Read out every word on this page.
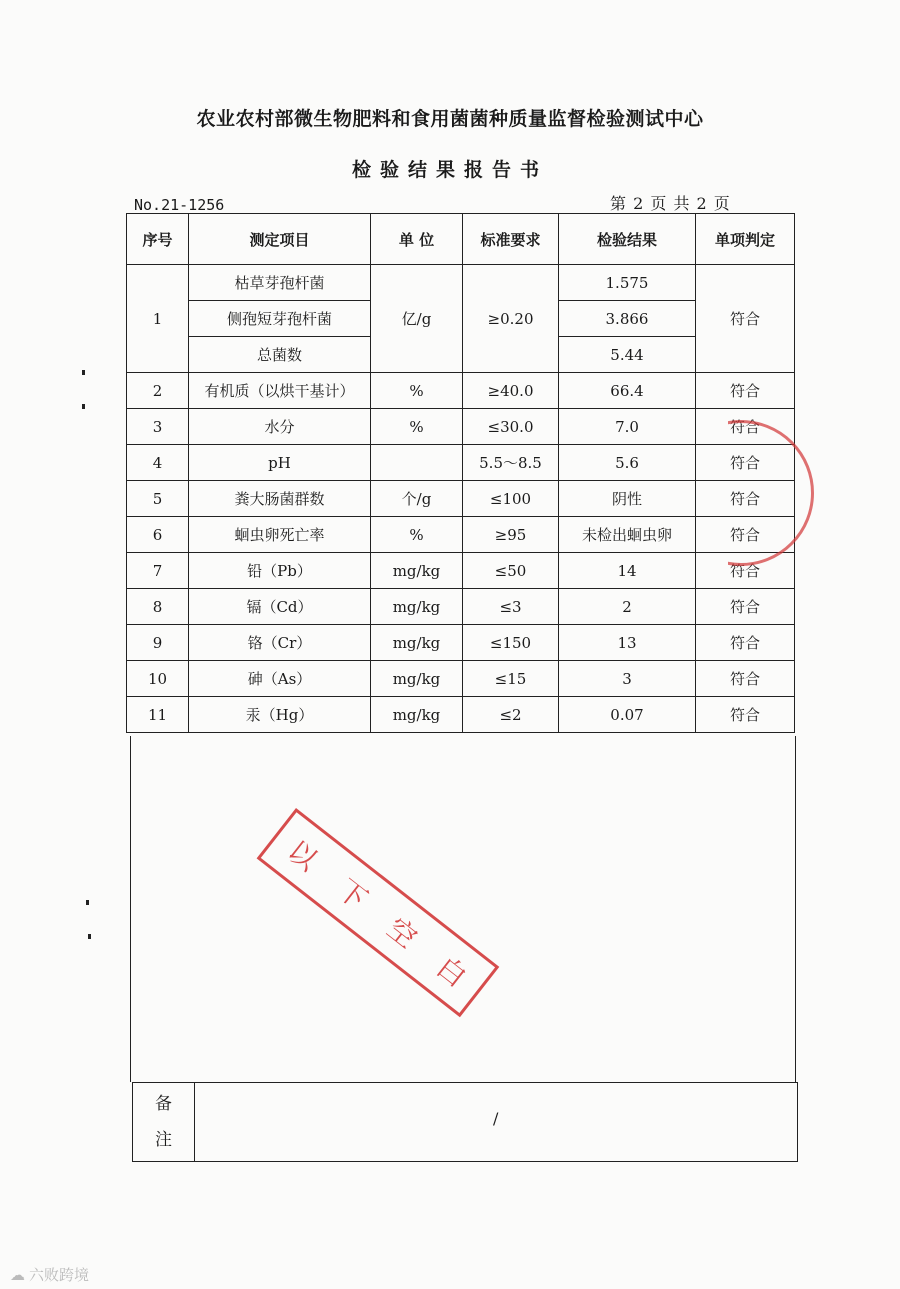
农业农村部微生物肥料和食用菌菌种质量监督检验测试中心
检验结果报告书
No.21-1256	第 2 页 共 2 页
序号	测定项目	单 位	标准要求	检验结果	单项判定
1	枯草芽孢杆菌	亿/g	≥0.20	1.575	符合
	侧孢短芽孢杆菌			3.866	
	总菌数			5.44	
2	有机质（以烘干基计）	%	≥40.0	66.4	符合
3	水分	%	≤30.0	7.0	符合
4	pH		5.5～8.5	5.6	符合
5	粪大肠菌群数	个/g	≤100	阴性	符合
6	蛔虫卵死亡率	%	≥95	未检出蛔虫卵	符合
7	铅（Pb）	mg/kg	≤50	14	符合
8	镉（Cd）	mg/kg	≤3	2	符合
9	铬（Cr）	mg/kg	≤150	13	符合
10	砷（As）	mg/kg	≤15	3	符合
11	汞（Hg）	mg/kg	≤2	0.07	符合
以
下
空
白
备
注
/
☁ 六败跨境
